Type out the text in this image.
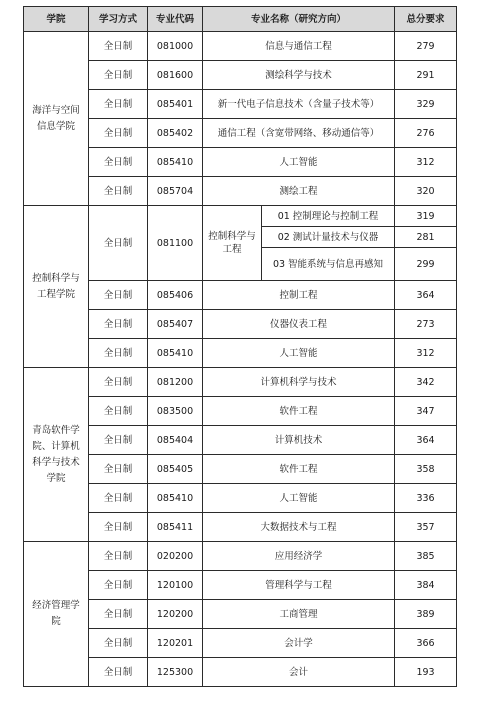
学院	学习方式	专业代码	专业名称（研究方向）		总分要求
海洋与空间信息学院	全日制	081000	信息与通信工程		279
	全日制	081600	测绘科学与技术		291
	全日制	085401	新一代电子信息技术（含量子技术等）		329
	全日制	085402	通信工程（含宽带网络、移动通信等）		276
	全日制	085410	人工智能		312
	全日制	085704	测绘工程		320
控制科学与工程学院	全日制	081100	控制科学与工程	01 控制理论与控制工程	319
				02 测试计量技术与仪器	281
				03 智能系统与信息再感知	299
	全日制	085406	控制工程		364
	全日制	085407	仪器仪表工程		273
	全日制	085410	人工智能		312
青岛软件学院、计算机科学与技术学院	全日制	081200	计算机科学与技术		342
	全日制	083500	软件工程		347
	全日制	085404	计算机技术		364
	全日制	085405	软件工程		358
	全日制	085410	人工智能		336
	全日制	085411	大数据技术与工程		357
经济管理学院	全日制	020200	应用经济学		385
	全日制	120100	管理科学与工程		384
	全日制	120200	工商管理		389
	全日制	120201	会计学		366
	全日制	125300	会计		193
